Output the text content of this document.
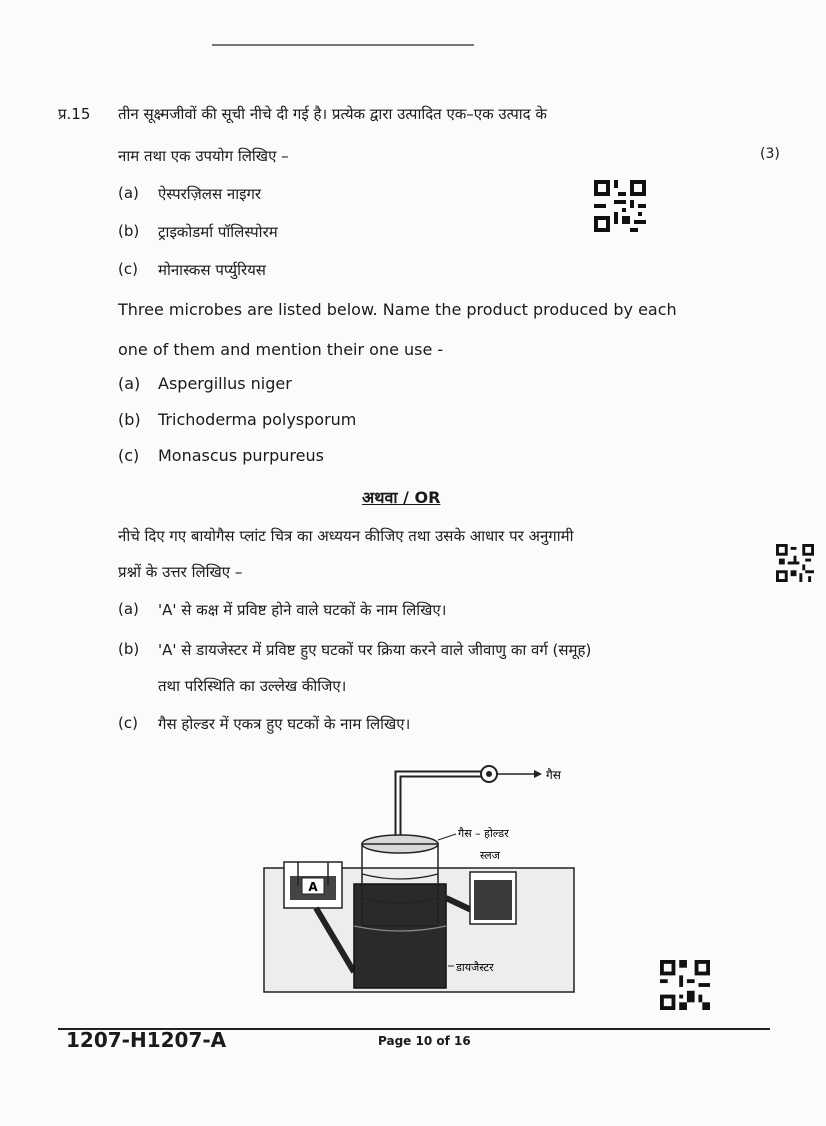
प्र.15
(3)
तीन सूक्ष्मजीवों की सूची नीचे दी गई है। प्रत्येक द्वारा उत्पादित एक–एक उत्पाद के
नाम तथा एक उपयोग लिखिए –
(a) ऐस्परज़िलस नाइगर
(b) ट्राइकोडर्मा पॉलिस्पोरम
(c) मोनास्कस पर्प्युरियस
Three microbes are listed below. Name the product produced by each
one of them and mention their one use -
(a) Aspergillus niger
(b) Trichoderma polysporum
(c) Monascus purpureus
अथवा / OR
नीचे दिए गए बायोगैस प्लांट चित्र का अध्ययन कीजिए तथा उसके आधार पर अनुगामी
प्रश्नों के उत्तर लिखिए –
(a) 'A' से कक्ष में प्रविष्ट होने वाले घटकों के नाम लिखिए।
(b) 'A' से डायजेस्टर में प्रविष्ट हुए घटकों पर क्रिया करने वाले जीवाणु का वर्ग (समूह)
तथा परिस्थिति का उल्लेख कीजिए।
(c) गैस होल्डर में एकत्र हुए घटकों के नाम लिखिए।
गैस
A
गैस – होल्डर
स्लज
डायजैस्टर
1207-H1207-A	Page 10 of 16
